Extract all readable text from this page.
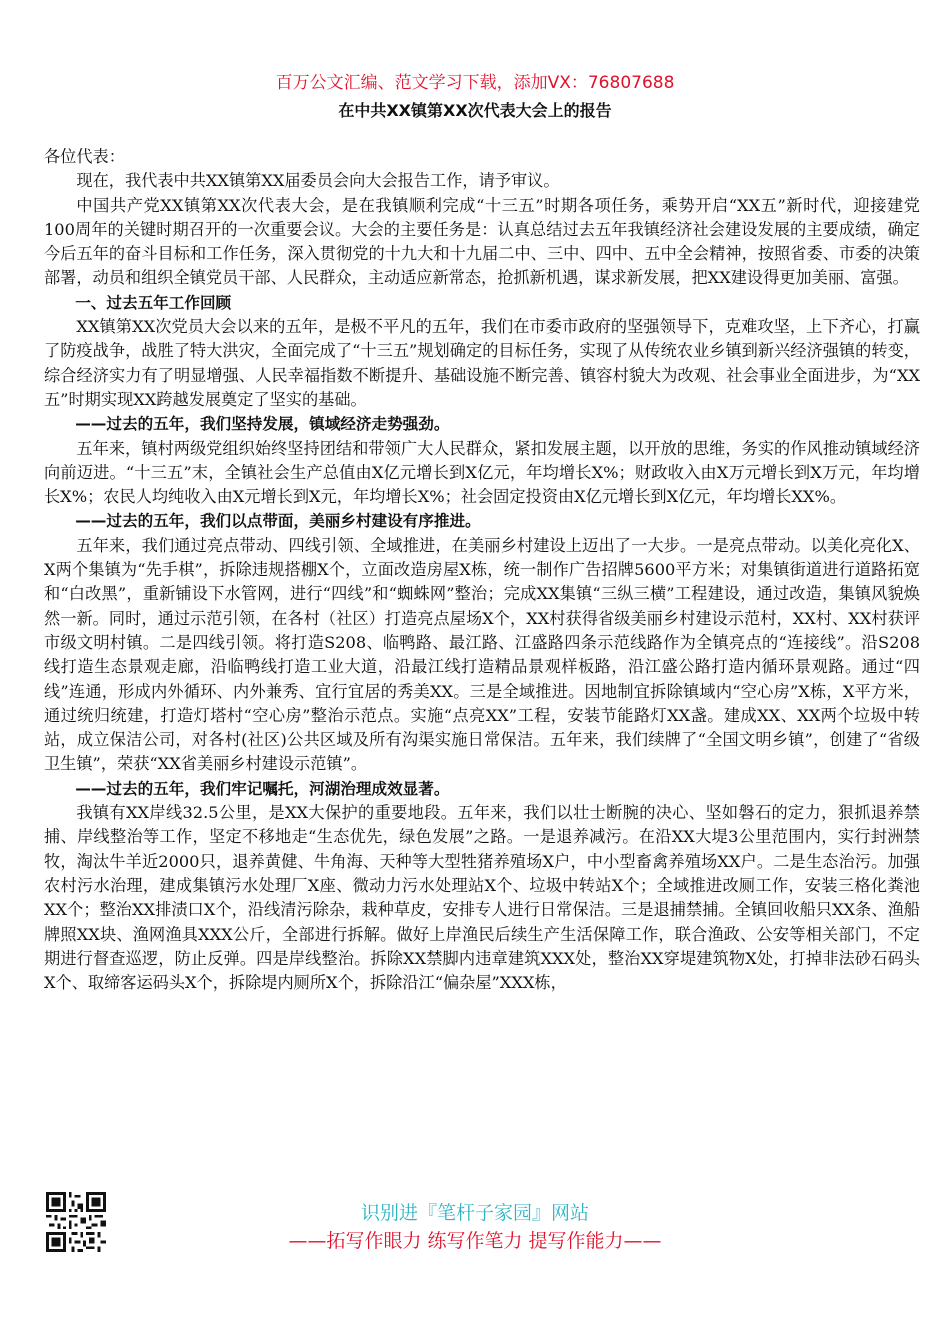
百万公文汇编、范文学习下载，添加VX：76807688
在中共XX镇第XX次代表大会上的报告

各位代表：

现在，我代表中共XX镇第XX届委员会向大会报告工作，请予审议。

中国共产党XX镇第XX次代表大会，是在我镇顺利完成“十三五”时期各项任务，乘势开启“XX五”新时代，迎接建党100周年的关键时期召开的一次重要会议。大会的主要任务是：认真总结过去五年我镇经济社会建设发展的主要成绩，确定今后五年的奋斗目标和工作任务，深入贯彻党的十九大和十九届二中、三中、四中、五中全会精神，按照省委、市委的决策部署，动员和组织全镇党员干部、人民群众，主动适应新常态，抢抓新机遇，谋求新发展，把XX建设得更加美丽、富强。

一、过去五年工作回顾

XX镇第XX次党员大会以来的五年，是极不平凡的五年，我们在市委市政府的坚强领导下，克难攻坚，上下齐心，打赢了防疫战争，战胜了特大洪灾，全面完成了“十三五”规划确定的目标任务，实现了从传统农业乡镇到新兴经济强镇的转变，综合经济实力有了明显增强、人民幸福指数不断提升、基础设施不断完善、镇容村貌大为改观、社会事业全面进步，为“XX五”时期实现XX跨越发展奠定了坚实的基础。

——过去的五年，我们坚持发展，镇域经济走势强劲。

五年来，镇村两级党组织始终坚持团结和带领广大人民群众，紧扣发展主题，以开放的思维，务实的作风推动镇域经济向前迈进。“十三五”末，全镇社会生产总值由X亿元增长到X亿元，年均增长X%；财政收入由X万元增长到X万元，年均增长X%；农民人均纯收入由X元增长到X元，年均增长X%；社会固定投资由X亿元增长到X亿元，年均增长XX%。

——过去的五年，我们以点带面，美丽乡村建设有序推进。

五年来，我们通过亮点带动、四线引领、全域推进，在美丽乡村建设上迈出了一大步。一是亮点带动。以美化亮化X、X两个集镇为“先手棋”，拆除违规搭棚X个，立面改造房屋X栋，统一制作广告招牌5600平方米；对集镇街道进行道路拓宽和“白改黑”，重新铺设下水管网，进行“四线”和“蜘蛛网”整治；完成XX集镇“三纵三横”工程建设，通过改造，集镇风貌焕然一新。同时，通过示范引领，在各村（社区）打造亮点屋场X个，XX村获得省级美丽乡村建设示范村，XX村、XX村获评市级文明村镇。二是四线引领。将打造S208、临鸭路、最江路、江盛路四条示范线路作为全镇亮点的“连接线”。沿S208线打造生态景观走廊，沿临鸭线打造工业大道，沿最江线打造精品景观样板路，沿江盛公路打造内循环景观路。通过“四线”连通，形成内外循环、内外兼秀、宜行宜居的秀美XX。三是全域推进。因地制宜拆除镇域内“空心房”X栋，X平方米，通过统归统建，打造灯塔村“空心房”整治示范点。实施“点亮XX”工程，安装节能路灯XX盏。建成XX、XX两个垃圾中转站，成立保洁公司，对各村(社区)公共区域及所有沟渠实施日常保洁。五年来，我们续牌了“全国文明乡镇”，创建了“省级卫生镇”，荣获“XX省美丽乡村建设示范镇”。

——过去的五年，我们牢记嘱托，河湖治理成效显著。

我镇有XX岸线32.5公里，是XX大保护的重要地段。五年来，我们以壮士断腕的决心、坚如磐石的定力，狠抓退养禁捕、岸线整治等工作，坚定不移地走“生态优先，绿色发展”之路。一是退养减污。在沿XX大堤3公里范围内，实行封洲禁牧，淘汰牛羊近2000只，退养黄健、牛角海、天种等大型牲猪养殖场X户，中小型畜禽养殖场XX户。二是生态治污。加强农村污水治理，建成集镇污水处理厂X座、微动力污水处理站X个、垃圾中转站X个；全域推进改厕工作，安装三格化粪池XX个；整治XX排渍口X个，沿线清污除杂，栽种草皮，安排专人进行日常保洁。三是退捕禁捕。全镇回收船只XX条、渔船牌照XX块、渔网渔具XXX公斤，全部进行拆解。做好上岸渔民后续生产生活保障工作，联合渔政、公安等相关部门，不定期进行督查巡逻，防止反弹。四是岸线整治。拆除XX禁脚内违章建筑XXX处，整治XX穿堤建筑物X处，打掉非法砂石码头X个、取缔客运码头X个，拆除堤内厕所X个，拆除沿江“偏杂屋”XXX栋，

识别进『笔杆子家园』网站
——拓写作眼力 练写作笔力 提写作能力——
